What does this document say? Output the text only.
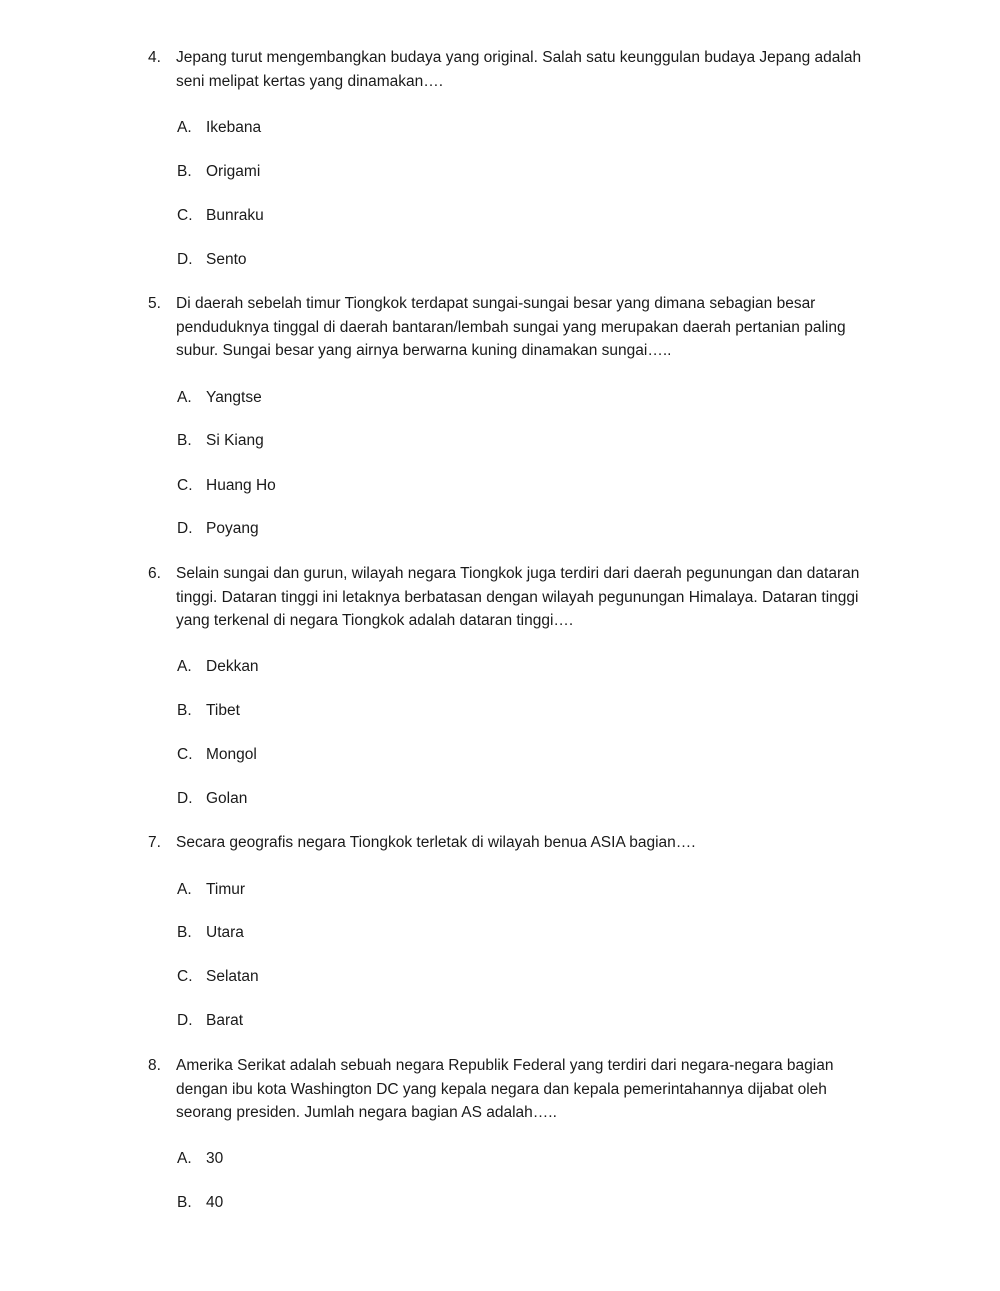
4. Jepang turut mengembangkan budaya yang original. Salah satu keunggulan budaya Jepang adalah seni melipat kertas yang dinamakan….
A. Ikebana
B. Origami
C. Bunraku
D. Sento
5. Di daerah sebelah timur Tiongkok terdapat sungai-sungai besar yang dimana sebagian besar penduduknya tinggal di daerah bantaran/lembah sungai yang merupakan daerah pertanian paling subur. Sungai besar yang airnya berwarna kuning dinamakan sungai…..
A. Yangtse
B. Si Kiang
C. Huang Ho
D. Poyang
6. Selain sungai dan gurun, wilayah negara Tiongkok juga terdiri dari daerah pegunungan dan dataran tinggi. Dataran tinggi ini letaknya berbatasan dengan wilayah pegunungan Himalaya. Dataran tinggi yang terkenal di negara Tiongkok adalah dataran tinggi….
A. Dekkan
B. Tibet
C. Mongol
D. Golan
7. Secara geografis negara Tiongkok terletak di wilayah benua ASIA bagian….
A. Timur
B. Utara
C. Selatan
D. Barat
8. Amerika Serikat adalah sebuah negara Republik Federal yang terdiri dari negara-negara bagian dengan ibu kota Washington DC yang kepala negara dan kepala pemerintahannya dijabat oleh seorang presiden. Jumlah negara bagian AS adalah…..
A. 30
B. 40
